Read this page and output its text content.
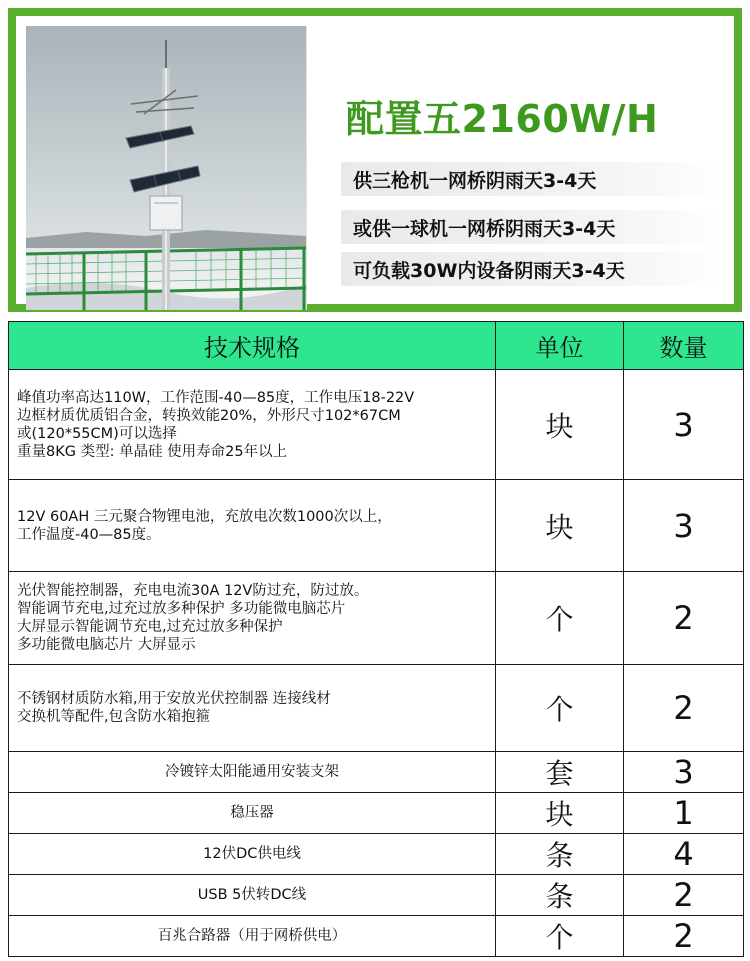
配置五2160W/H
供三枪机一网桥阴雨天3-4天
或供一球机一网桥阴雨天3-4天
可负载30W内设备阴雨天3-4天
技术规格	单位	数量

峰值功率高达110W，工作范围-40—85度，工作电压18-22V
边框材质优质铝合金，转换效能20%，外形尺寸102*67CM
或(120*55CM)可以选择
重量8KG 类型: 单晶硅 使用寿命25年以上	块	3

12V 60AH 三元聚合物锂电池，充放电次数1000次以上，
工作温度-40—85度。	块	3

光伏智能控制器，充电电流30A 12V防过充，防过放。
智能调节充电,过充过放多种保护 多功能微电脑芯片
大屏显示智能调节充电,过充过放多种保护
多功能微电脑芯片 大屏显示	个	2

不锈钢材质防水箱,用于安放光伏控制器 连接线材
交换机等配件,包含防水箱抱箍	个	2
冷镀锌太阳能通用安装支架	套	3
稳压器	块	1
12伏DC供电线	条	4
USB 5伏转DC线	条	2
百兆合路器（用于网桥供电）	个	2
